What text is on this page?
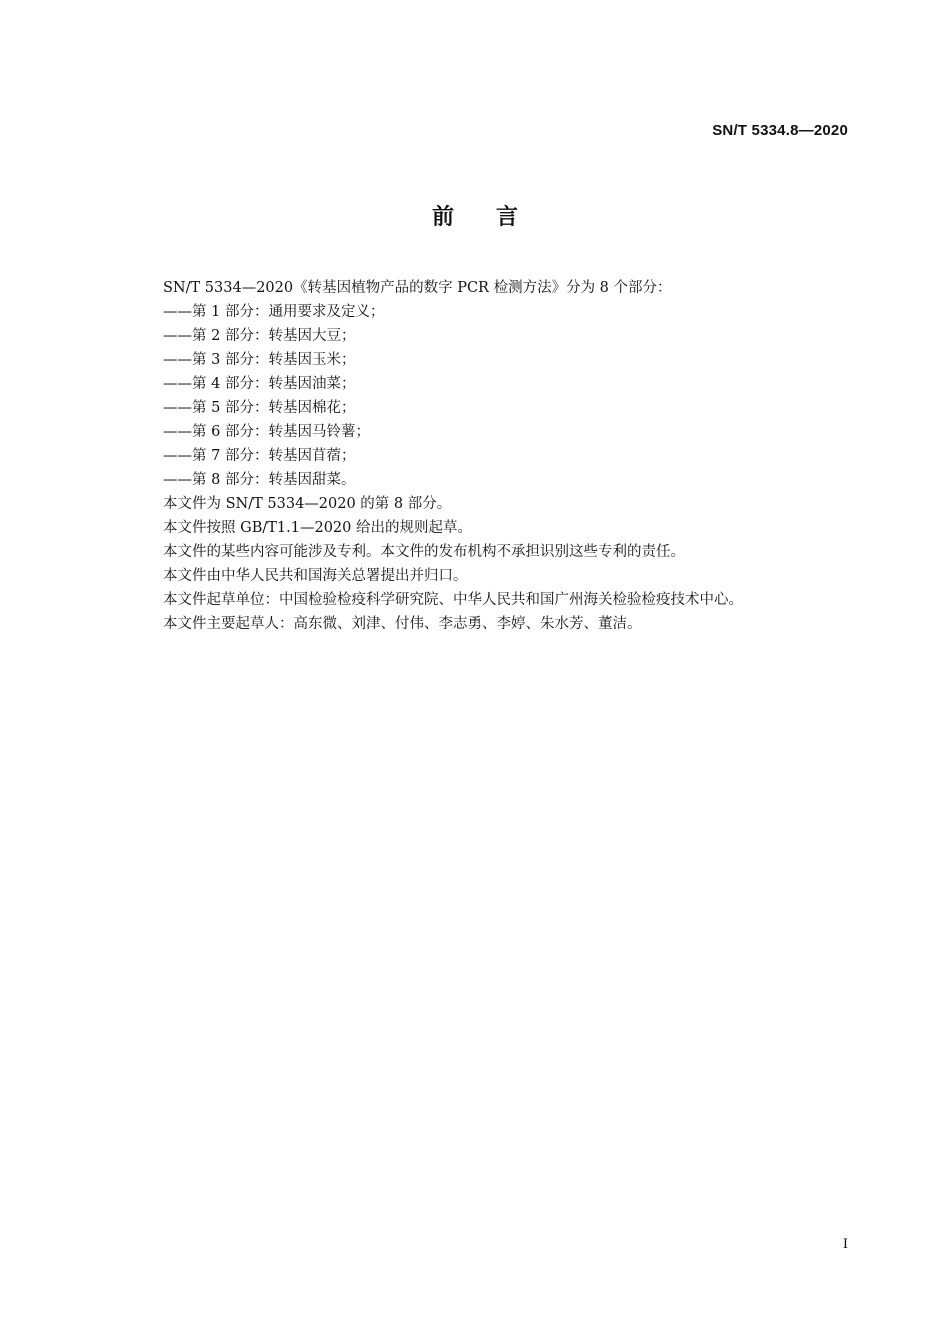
SN/T 5334.8—2020
前 言
SN/T 5334—2020《转基因植物产品的数字 PCR 检测方法》分为 8 个部分：
——第 1 部分：通用要求及定义；
——第 2 部分：转基因大豆；
——第 3 部分：转基因玉米；
——第 4 部分：转基因油菜；
——第 5 部分：转基因棉花；
——第 6 部分：转基因马铃薯；
——第 7 部分：转基因苜蓿；
——第 8 部分：转基因甜菜。
本文件为 SN/T 5334—2020 的第 8 部分。
本文件按照 GB/T1.1—2020 给出的规则起草。
本文件的某些内容可能涉及专利。本文件的发布机构不承担识别这些专利的责任。
本文件由中华人民共和国海关总署提出并归口。
本文件起草单位：中国检验检疫科学研究院、中华人民共和国广州海关检验检疫技术中心。
本文件主要起草人：高东微、刘津、付伟、李志勇、李婷、朱水芳、董洁。
I
